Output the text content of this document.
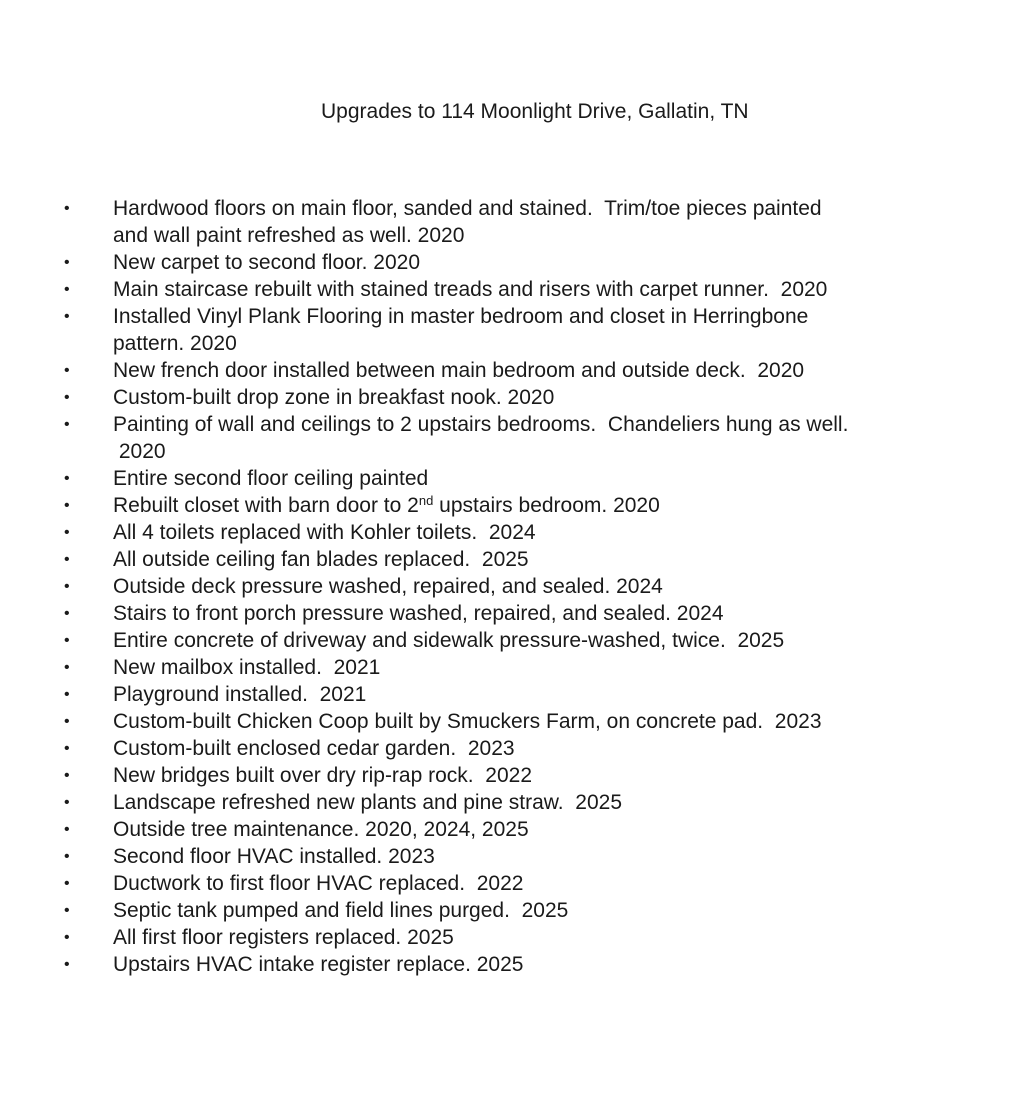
Upgrades to 114 Moonlight Drive, Gallatin, TN
• Hardwood floors on main floor, sanded and stained.  Trim/toe pieces painted
and wall paint refreshed as well. 2020
• New carpet to second floor. 2020
• Main staircase rebuilt with stained treads and risers with carpet runner.  2020
• Installed Vinyl Plank Flooring in master bedroom and closet in Herringbone
pattern. 2020
• New french door installed between main bedroom and outside deck.  2020
• Custom-built drop zone in breakfast nook. 2020
• Painting of wall and ceilings to 2 upstairs bedrooms.  Chandeliers hung as well.
2020
• Entire second floor ceiling painted
• Rebuilt closet with barn door to 2nd upstairs bedroom. 2020
• All 4 toilets replaced with Kohler toilets.  2024
• All outside ceiling fan blades replaced.  2025
• Outside deck pressure washed, repaired, and sealed. 2024
• Stairs to front porch pressure washed, repaired, and sealed. 2024
• Entire concrete of driveway and sidewalk pressure-washed, twice.  2025
• New mailbox installed.  2021
• Playground installed.  2021
• Custom-built Chicken Coop built by Smuckers Farm, on concrete pad.  2023
• Custom-built enclosed cedar garden.  2023
• New bridges built over dry rip-rap rock.  2022
• Landscape refreshed new plants and pine straw.  2025
• Outside tree maintenance. 2020, 2024, 2025
• Second floor HVAC installed. 2023
• Ductwork to first floor HVAC replaced.  2022
• Septic tank pumped and field lines purged.  2025
• All first floor registers replaced. 2025
• Upstairs HVAC intake register replace. 2025
